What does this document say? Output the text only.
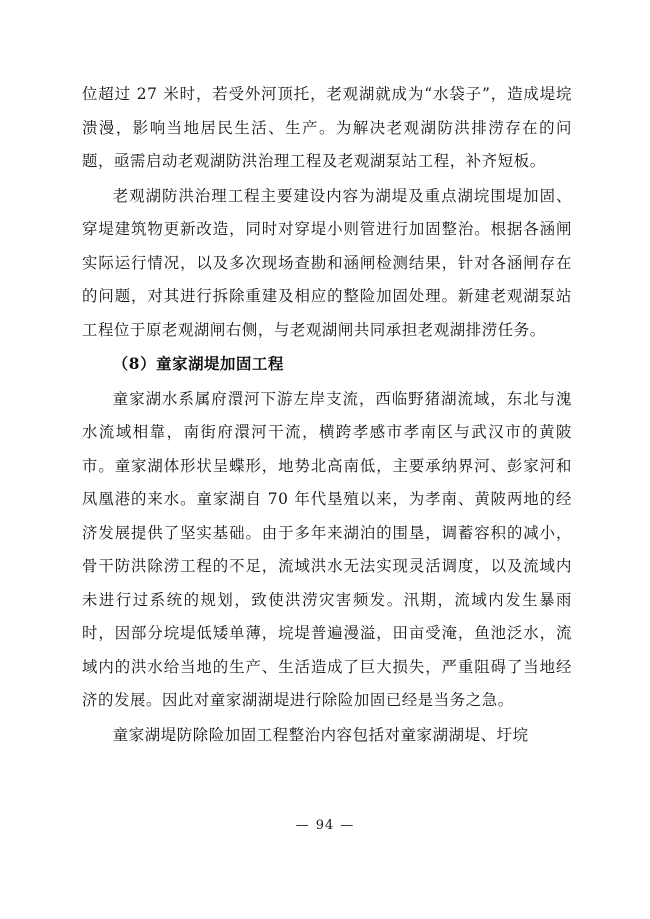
位超过 27 米时，若受外河顶托，老观湖就成为“水袋子”，造成堤垸溃漫，影响当地居民生活、生产。为解决老观湖防洪排涝存在的问题，亟需启动老观湖防洪治理工程及老观湖泵站工程，补齐短板。

老观湖防洪治理工程主要建设内容为湖堤及重点湖垸围堤加固、穿堤建筑物更新改造，同时对穿堤小则管进行加固整治。根据各涵闸实际运行情况，以及多次现场查勘和涵闸检测结果，针对各涵闸存在的问题，对其进行拆除重建及相应的整险加固处理。新建老观湖泵站工程位于原老观湖闸右侧，与老观湖闸共同承担老观湖排涝任务。

（8）童家湖堤加固工程

童家湖水系属府澴河下游左岸支流，西临野猪湖流域，东北与溾水流域相靠，南街府澴河干流，横跨孝感市孝南区与武汉市的黄陂市。童家湖体形状呈蝶形，地势北高南低，主要承纳界河、彭家河和凤凰港的来水。童家湖自 70 年代垦殖以来，为孝南、黄陂两地的经济发展提供了坚实基础。由于多年来湖泊的围垦，调蓄容积的减小，骨干防洪除涝工程的不足，流域洪水无法实现灵活调度，以及流域内未进行过系统的规划，致使洪涝灾害频发。汛期，流域内发生暴雨时，因部分垸堤低矮单薄，垸堤普遍漫溢，田亩受淹，鱼池泛水，流域内的洪水给当地的生产、生活造成了巨大损失，严重阻碍了当地经济的发展。因此对童家湖湖堤进行除险加固已经是当务之急。

童家湖堤防除险加固工程整治内容包括对童家湖湖堤、圩垸

— 94 —
